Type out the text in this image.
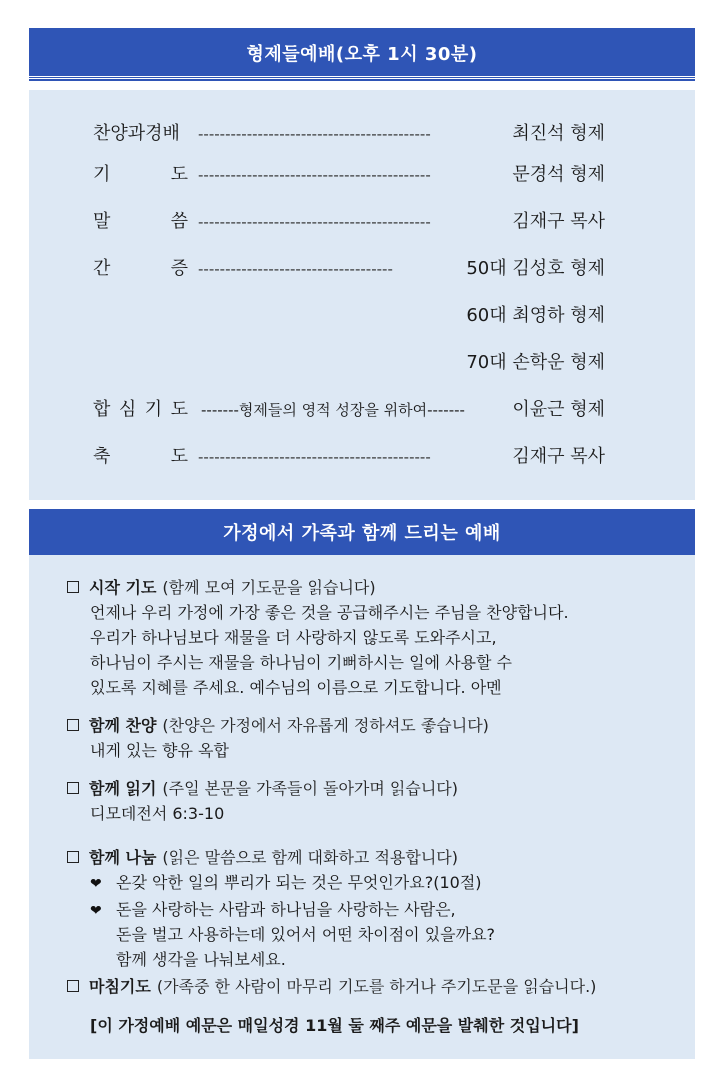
형제들예배(오후 1시 30분)
찬양과경배 -------------------------------------------	최진석 형제
기	도 -------------------------------------------	문경석 형제
말	씀 -------------------------------------------	김재구 목사
간	증 ------------------------------------	50대 김성호 형제
60대 최영하 형제
70대 손학운 형제
합 심 기 도 -------형제들의 영적 성장을 위하여-------	이윤근 형제
축	도 -------------------------------------------	김재구 목사
가정에서 가족과 함께 드리는 예배
시작 기도 (함께 모여 기도문을 읽습니다)
언제나 우리 가정에 가장 좋은 것을 공급해주시는 주님을 찬양합니다.
우리가 하나님보다 재물을 더 사랑하지 않도록 도와주시고,
하나님이 주시는 재물을 하나님이 기뻐하시는 일에 사용할 수
있도록 지혜를 주세요. 예수님의 이름으로 기도합니다. 아멘
함께 찬양 (찬양은 가정에서 자유롭게 정하셔도 좋습니다)
내게 있는 향유 옥합
함께 읽기 (주일 본문을 가족들이 돌아가며 읽습니다)
디모데전서 6:3-10
함께 나눔 (읽은 말씀으로 함께 대화하고 적용합니다)
❤ 온갖 악한 일의 뿌리가 되는 것은 무엇인가요?(10절)
❤ 돈을 사랑하는 사람과 하나님을 사랑하는 사람은,
돈을 벌고 사용하는데 있어서 어떤 차이점이 있을까요?
함께 생각을 나눠보세요.
마침기도 (가족중 한 사람이 마무리 기도를 하거나 주기도문을 읽습니다.)
[이 가정예배 예문은 매일성경 11월 둘 째주 예문을 발췌한 것입니다]
